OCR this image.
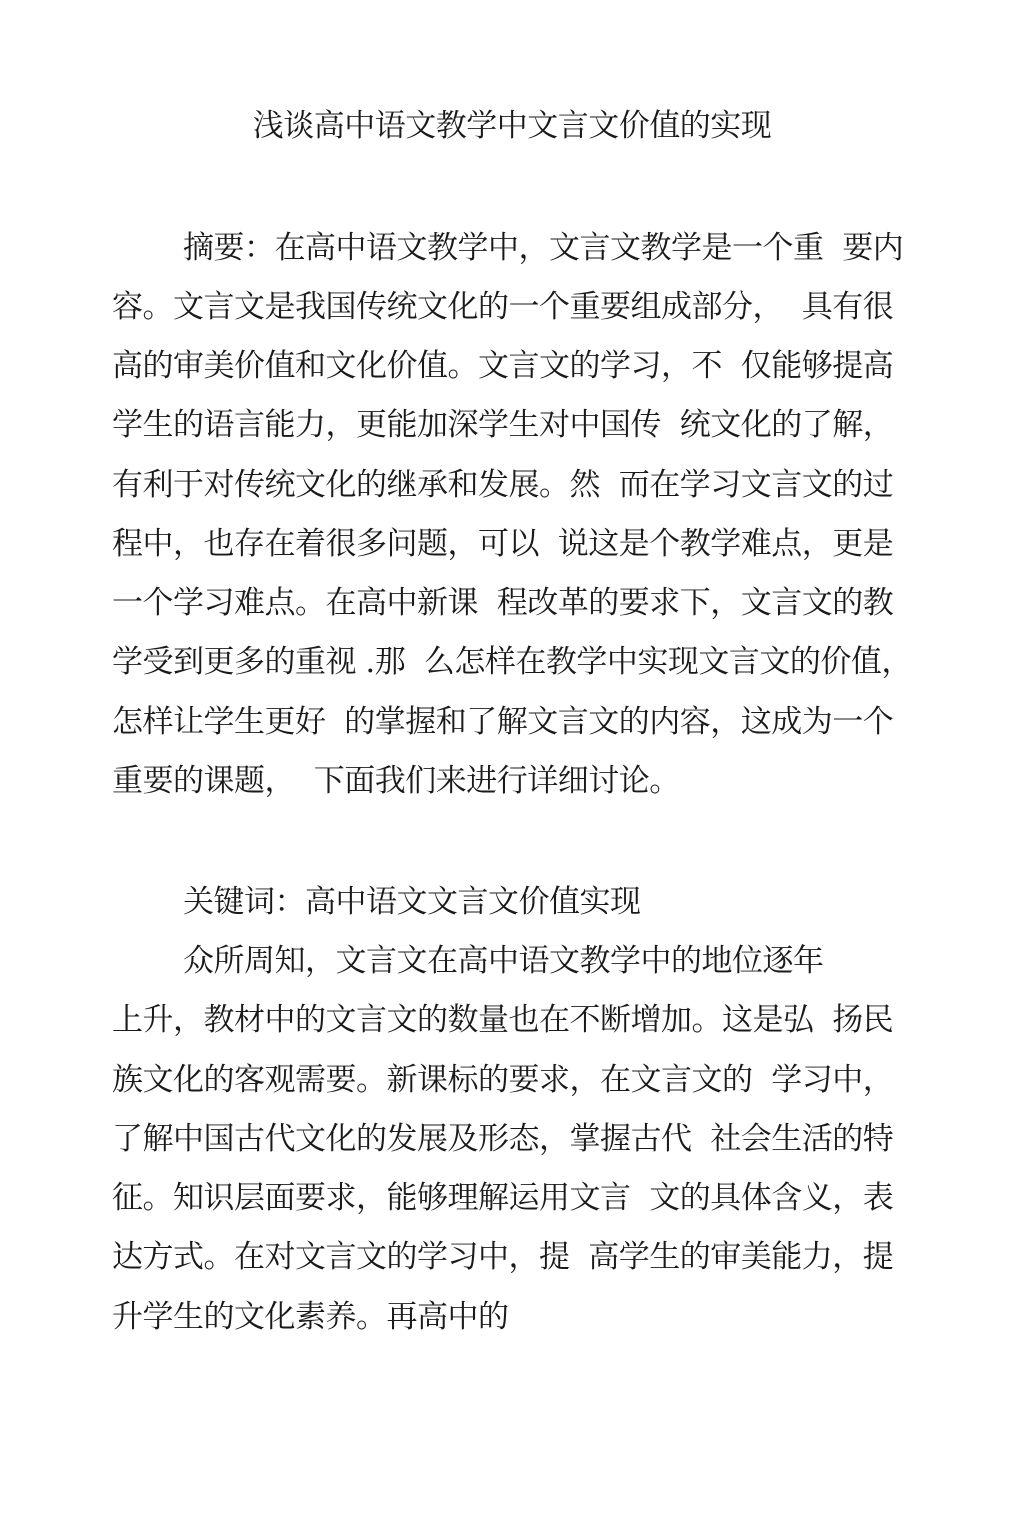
浅谈高中语文教学中文言文价值的实现
摘要：在高中语文教学中，文言文教学是一个重  要内
容。文言文是我国传统文化的一个重要组成部分，  具有很
高的审美价值和文化价值。文言文的学习，不  仅能够提高
学生的语言能力，更能加深学生对中国传  统文化的了解，
有利于对传统文化的继承和发展。然  而在学习文言文的过
程中，也存在着很多问题，可以  说这是个教学难点，更是
一个学习难点。在高中新课  程改革的要求下，文言文的教
学受到更多的重视 .那  么怎样在教学中实现文言文的价值，
怎样让学生更好  的掌握和了解文言文的内容，这成为一个
重要的课题，  下面我们来进行详细讨论。
关键词：高中语文文言文价值实现
众所周知，文言文在高中语文教学中的地位逐年
上升，教材中的文言文的数量也在不断增加。这是弘  扬民
族文化的客观需要。新课标的要求，在文言文的  学习中，
了解中国古代文化的发展及形态，掌握古代  社会生活的特
征。知识层面要求，能够理解运用文言  文的具体含义，表
达方式。在对文言文的学习中，提  高学生的审美能力，提
升学生的文化素养。再高中的
